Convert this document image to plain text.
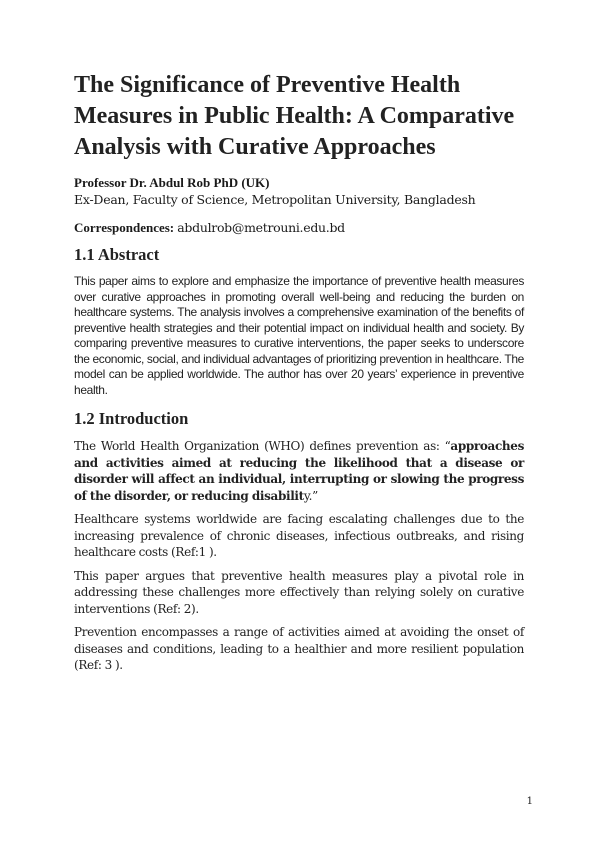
The Significance of Preventive Health Measures in Public Health: A Comparative Analysis with Curative Approaches

Professor Dr. Abdul Rob PhD (UK)

Ex-Dean, Faculty of Science, Metropolitan University, Bangladesh

Correspondences: abdulrob@metrouni.edu.bd

1.1 Abstract

This paper aims to explore and emphasize the importance of preventive health measures over curative approaches in promoting overall well-being and reducing the burden on healthcare systems. The analysis involves a comprehensive examination of the benefits of preventive health strategies and their potential impact on individual health and society. By comparing preventive measures to curative interventions, the paper seeks to underscore the economic, social, and individual advantages of prioritizing prevention in healthcare. The model can be applied worldwide. The author has over 20 years’ experience in preventive health.

1.2 Introduction

The World Health Organization (WHO) defines prevention as: “approaches and activities aimed at reducing the likelihood that a disease or disorder will affect an individual, interrupting or slowing the progress of the disorder, or reducing disability.”

Healthcare systems worldwide are facing escalating challenges due to the increasing prevalence of chronic diseases, infectious outbreaks, and rising healthcare costs (Ref:1 ).

This paper argues that preventive health measures play a pivotal role in addressing these challenges more effectively than relying solely on curative interventions (Ref: 2).

Prevention encompasses a range of activities aimed at avoiding the onset of diseases and conditions, leading to a healthier and more resilient population (Ref: 3 ).

1
